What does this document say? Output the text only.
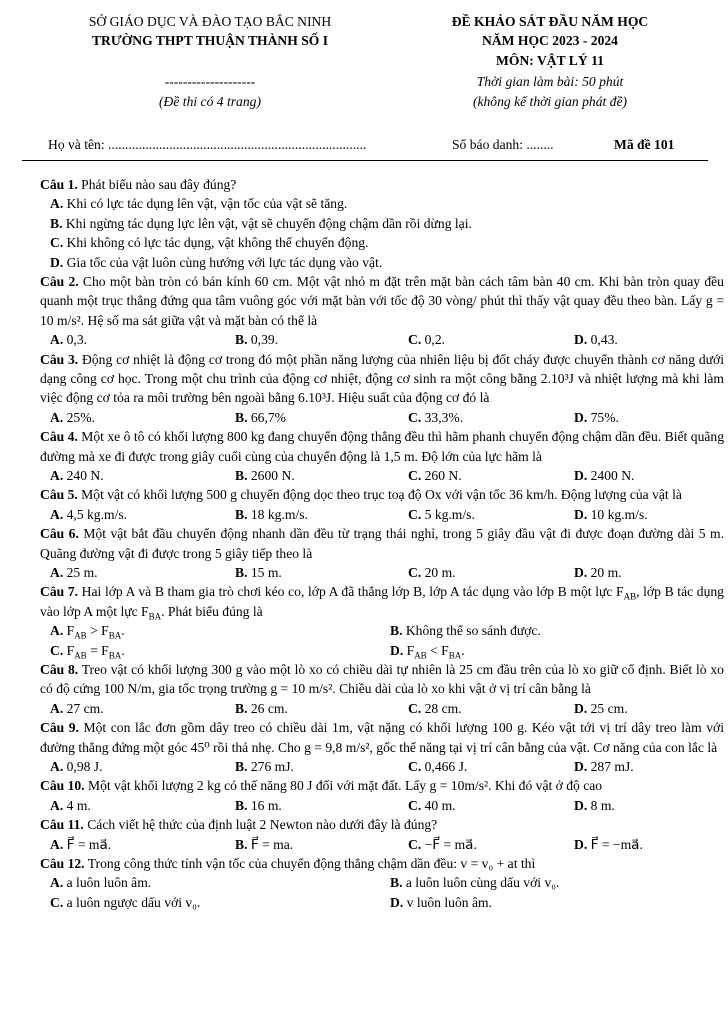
SỞ GIÁO DỤC VÀ ĐÀO TẠO BẮC NINH
TRƯỜNG THPT THUẬN THÀNH SỐ I
--------------------
(Đề thi có 4 trang)
ĐỀ KHẢO SÁT ĐẦU NĂM HỌC
NĂM HỌC 2023 - 2024
MÔN: VẬT LÝ 11
Thời gian làm bài: 50 phút
(không kể thời gian phát đề)
Họ và tên: ............................................................................	Số báo danh: ........	Mã đề 101
Câu 1. Phát biểu nào sau đây đúng?
A. Khi có lực tác dụng lên vật, vận tốc của vật sẽ tăng.
B. Khi ngừng tác dụng lực lên vật, vật sẽ chuyển động chậm dần rồi dừng lại.
C. Khi không có lực tác dụng, vật không thể chuyển động.
D. Gia tốc của vật luôn cùng hướng với lực tác dụng vào vật.
Câu 2. Cho một bàn tròn có bán kính 60 cm. Một vật nhỏ m đặt trên mặt bàn cách tâm bàn 40 cm. Khi bàn tròn quay đều quanh một trục thẳng đứng qua tâm vuông góc với mặt bàn với tốc độ 30 vòng/ phút thì thấy vật quay đều theo bàn. Lấy g = 10 m/s². Hệ số ma sát giữa vật và mặt bàn có thể là
A. 0,3.	B. 0,39.	C. 0,2.	D. 0,43.
Câu 3. Động cơ nhiệt là động cơ trong đó một phần năng lượng của nhiên liệu bị đốt cháy được chuyển thành cơ năng dưới dạng công cơ học. Trong một chu trình của động cơ nhiệt, động cơ sinh ra một công bằng 2.10³J và nhiệt lượng mà khi làm việc động cơ tỏa ra môi trường bên ngoài bằng 6.10³J. Hiệu suất của động cơ đó là
A. 25%.	B. 66,7%	C. 33,3%.	D. 75%.
Câu 4. Một xe ô tô có khối lượng 800 kg đang chuyển động thẳng đều thì hãm phanh chuyển động chậm dần đều. Biết quãng đường mà xe đi được trong giây cuối cùng của chuyển động là 1,5 m. Độ lớn của lực hãm là
A. 240 N.	B. 2600 N.	C. 260 N.	D. 2400 N.
Câu 5. Một vật có khối lượng 500 g chuyển động dọc theo trục toạ độ Ox với vận tốc 36 km/h. Động lượng của vật là
A. 4,5 kg.m/s.	B. 18 kg.m/s.	C. 5 kg.m/s.	D. 10 kg.m/s.
Câu 6. Một vật bắt đầu chuyển động nhanh dần đều từ trạng thái nghỉ, trong 5 giây đầu vật đi được đoạn đường dài 5 m. Quãng đường vật đi được trong 5 giây tiếp theo là
A. 25 m.	B. 15 m.	C. 20 m.	D. 20 m.
Câu 7. Hai lớp A và B tham gia trò chơi kéo co, lớp A đã thắng lớp B, lớp A tác dụng vào lớp B một lực $F_{AB}$, lớp B tác dụng vào lớp A một lực $F_{BA}$. Phát biểu đúng là
A. $F_{AB} > F_{BA}$.	B. Không thể so sánh được.
C. $F_{AB} = F_{BA}$.	D. $F_{AB} < F_{BA}$.
Câu 8. Treo vật có khối lượng 300 g vào một lò xo có chiều dài tự nhiên là 25 cm đầu trên của lò xo giữ cố định. Biết lò xo có độ cứng 100 N/m, gia tốc trọng trường g = 10 m/s². Chiều dài của lò xo khi vật ở vị trí cân bằng là
A. 27 cm.	B. 26 cm.	C. 28 cm.	D. 25 cm.
Câu 9. Một con lắc đơn gồm dây treo có chiều dài 1m, vật nặng có khối lượng 100 g. Kéo vật tới vị trí dây treo làm với đường thẳng đứng một góc 45⁰ rồi thả nhẹ. Cho g = 9,8 m/s², gốc thế năng tại vị trí cân bằng của vật. Cơ năng của con lắc là
A. 0,98 J.	B. 276 mJ.	C. 0,466 J.	D. 287 mJ.
Câu 10. Một vật khối lượng 2 kg có thế năng 80 J đối với mặt đất. Lấy g = 10m/s². Khi đó vật ở độ cao
A. 4 m.	B. 16 m.	C. 40 m.	D. 8 m.
Câu 11. Cách viết hệ thức của định luật 2 Newton nào dưới đây là đúng?
A. F⃗ = ma⃗.	B. F⃗ = ma.	C. −F⃗ = ma⃗.	D. F⃗ = −ma⃗.
Câu 12. Trong công thức tính vận tốc của chuyển động thẳng chậm dần đều: v = v₀ + at thì
A. a luôn luôn âm.	B. a luôn luôn cùng dấu với v₀.
C. a luôn ngược dấu với v₀.	D. v luôn luôn âm.
